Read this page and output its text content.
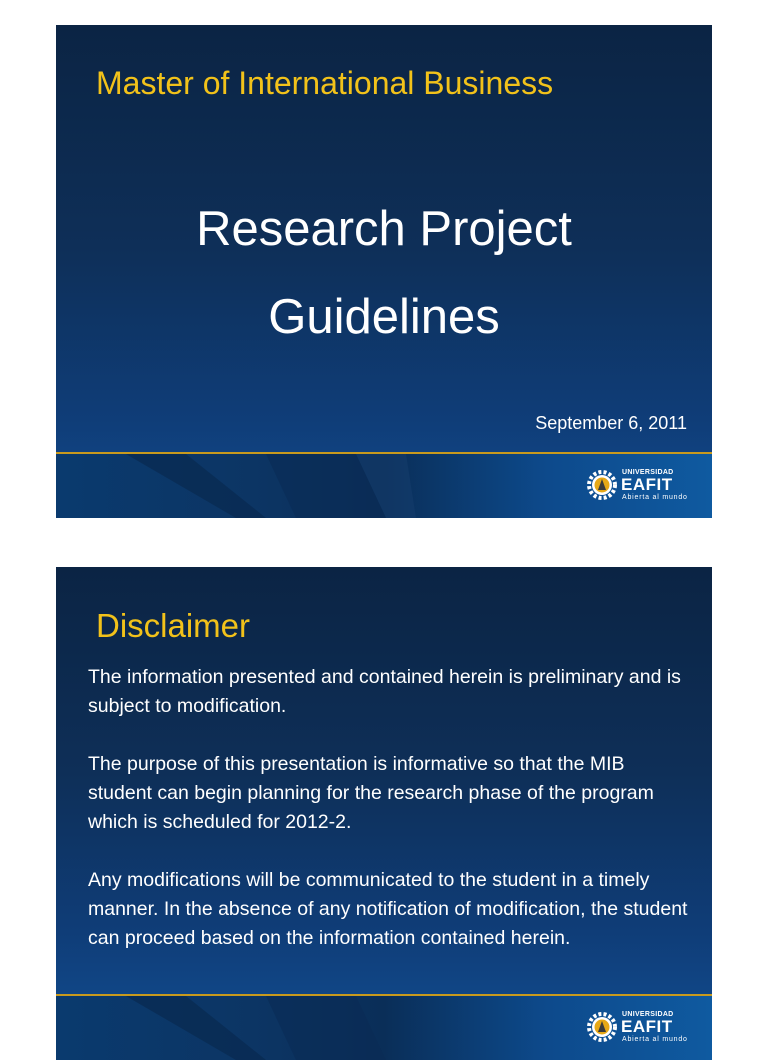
Master of International Business
Research Project
Guidelines
September 6, 2011
UNIVERSIDAD
EAFIT
Abierta al mundo
Disclaimer

The information presented and contained herein is preliminary and is subject to modification.

The purpose of this presentation is informative so that the MIB student can begin planning for the research phase of the program which is scheduled for 2012-2.

Any modifications will be communicated to the student in a timely manner. In the absence of any notification of modification, the student can proceed based on the information contained herein.

UNIVERSIDAD
EAFIT
Abierta al mundo
